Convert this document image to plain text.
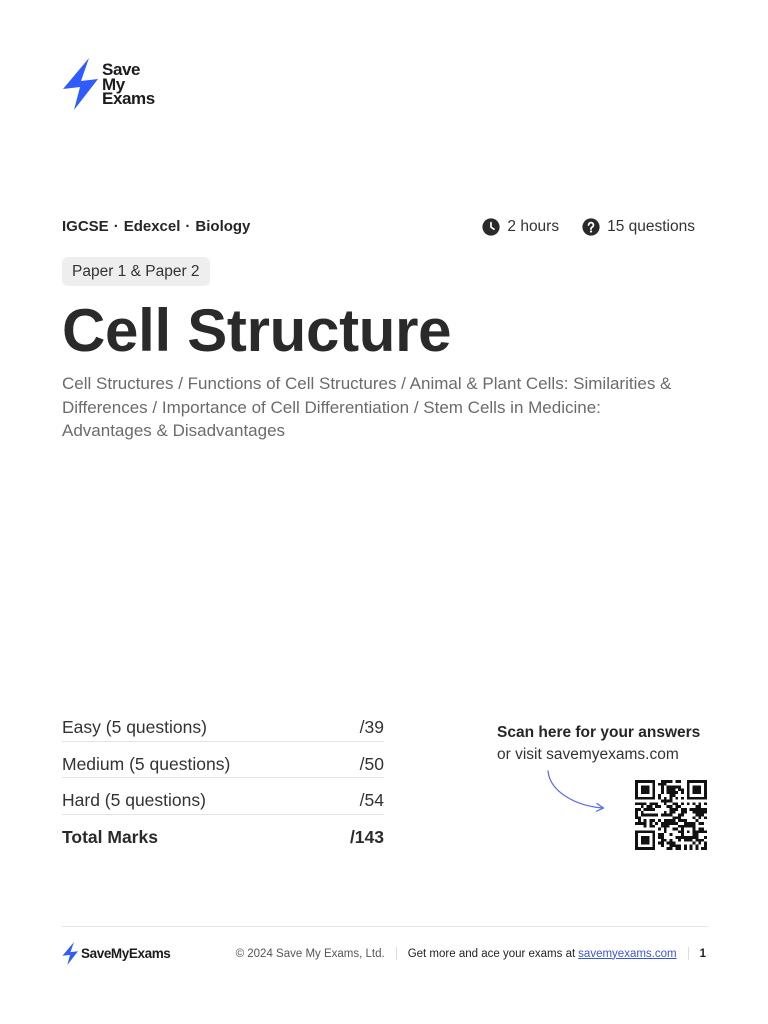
Save
My
Exams
IGCSE · Edexcel · Biology	2 hours	15 questions
Paper 1 & Paper 2
Cell Structure

Cell Structures / Functions of Cell Structures / Animal & Plant Cells: Similarities & Differences / Importance of Cell Differentiation / Stem Cells in Medicine: Advantages & Disadvantages

Easy (5 questions)	/39
Medium (5 questions)	/50
Hard (5 questions)	/54
Total Marks	/143
Scan here for your answers
or visit savemyexams.com
SaveMyExams	© 2024 Save My Exams, Ltd. Get more and ace your exams at savemyexams.com 1
